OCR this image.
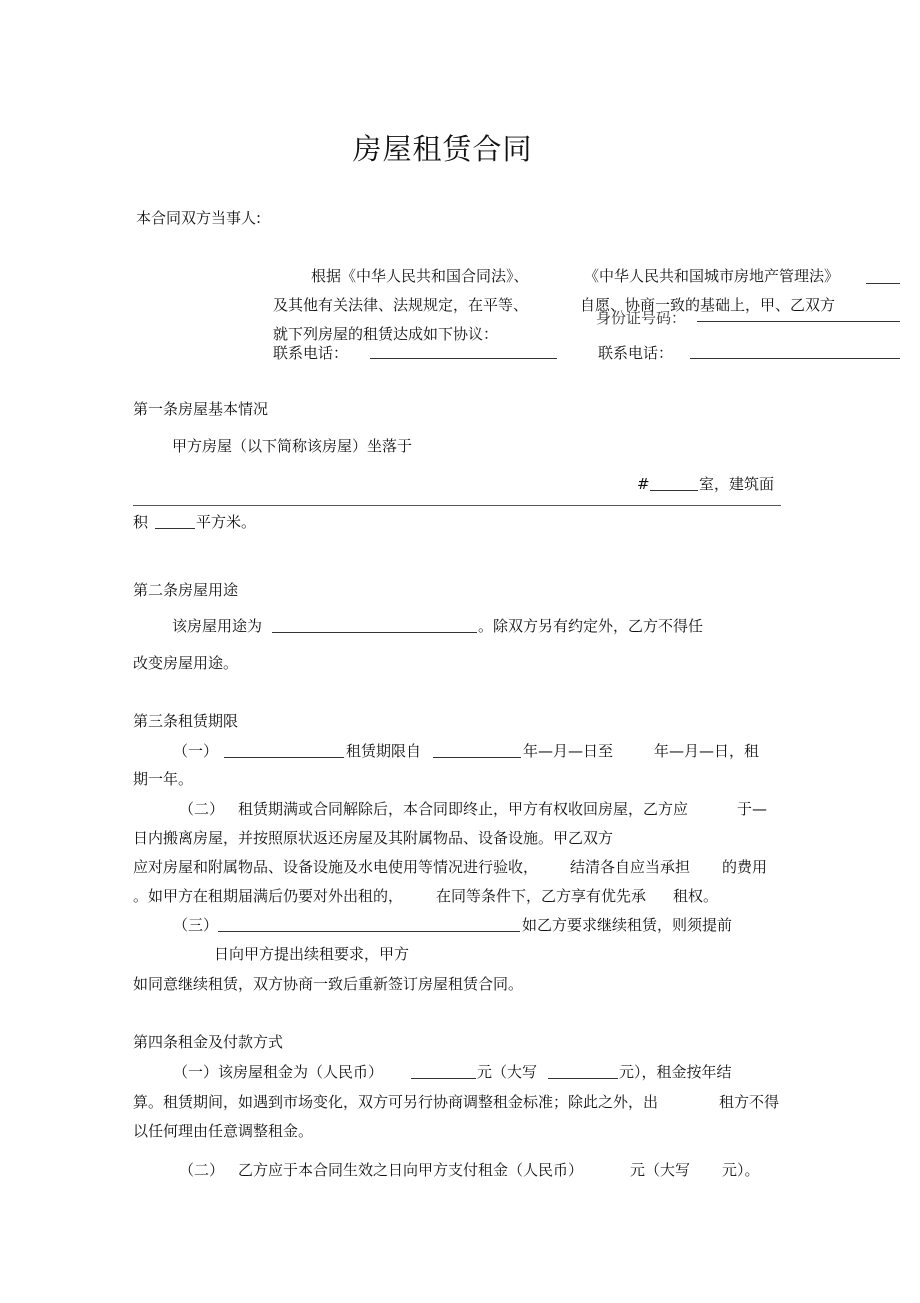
房屋租赁合同
本合同双方当事人:
根据《中华人民共和国合同法》、	《中华人民共和国城市房地产管理法》
及其他有关法律、法规规定，在平等、	自愿、协商一致的基础上，甲、乙双方
身份证号码：
就下列房屋的租赁达成如下协议：
联系电话：	联系电话：
第一条房屋基本情况
甲方房屋（以下简称该房屋）坐落于
#	室，建筑面
积	平方米。
第二条房屋用途
该房屋用途为	。除双方另有约定外，乙方不得任
改变房屋用途。
第三条租赁期限
（一）	租赁期限自	年—月—日至	年—月—日，租
期一年。
（二） 租赁期满或合同解除后，本合同即终止，甲方有权收回房屋，乙方应	于—
日内搬离房屋，并按照原状返还房屋及其附属物品、设备设施。甲乙双方
应对房屋和附属物品、设备设施及水电使用等情况进行验收， 结清各自应当承担 的费用
。如甲方在租期届满后仍要对外出租的， 在同等条件下，乙方享有优先承 租权。
（三）	如乙方要求继续租赁，则须提前
日向甲方提出续租要求，甲方
如同意继续租赁，双方协商一致后重新签订房屋租赁合同。
第四条租金及付款方式
（一）该房屋租金为（人民币）	元（大写	元），租金按年结
算。租赁期间，如遇到市场变化，双方可另行协商调整租金标准；除此之外，出	租方不得
以任何理由任意调整租金。
（二） 乙方应于本合同生效之日向甲方支付租金（人民币）	元（大写 元）。
